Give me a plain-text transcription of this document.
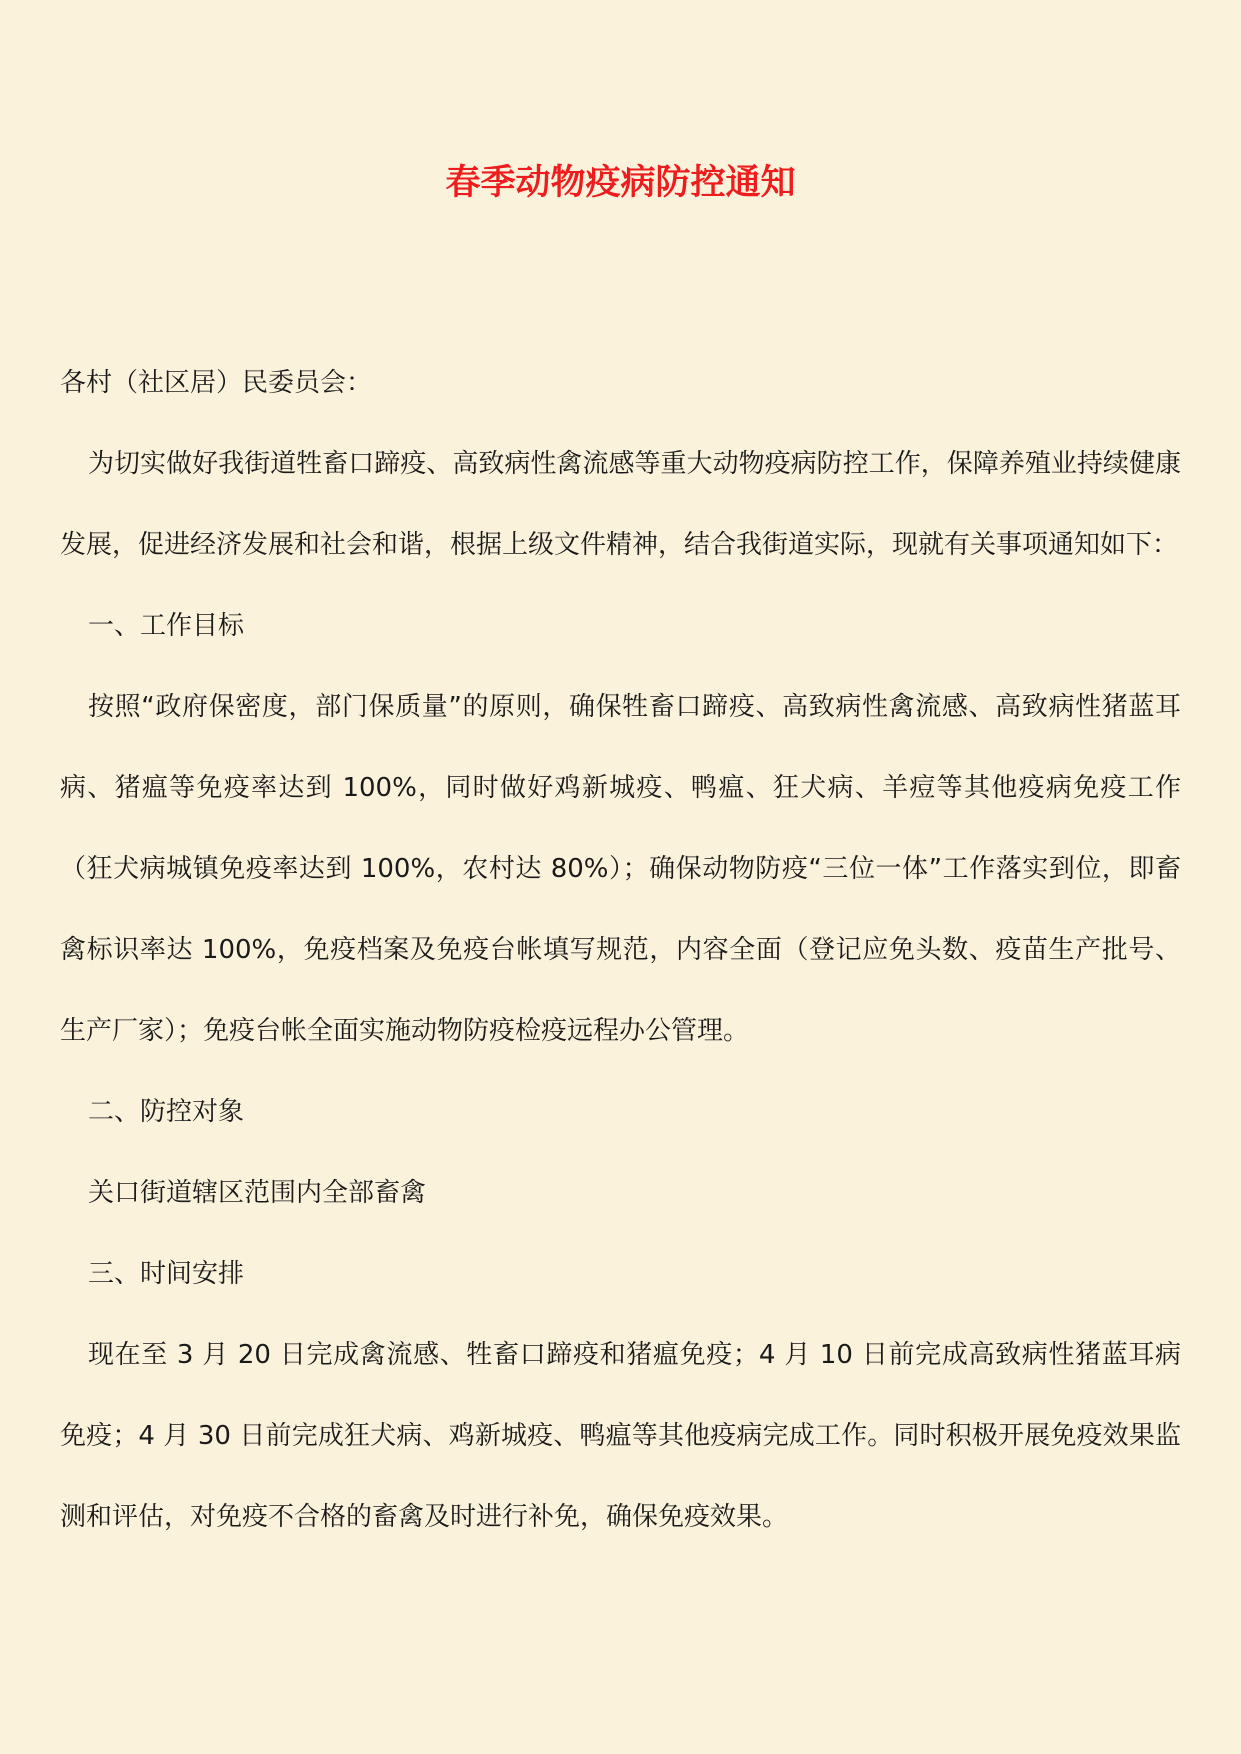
春季动物疫病防控通知

各村（社区居）民委员会：

为切实做好我街道牲畜口蹄疫、高致病性禽流感等重大动物疫病防控工作，保障养殖业持续健康发展，促进经济发展和社会和谐，根据上级文件精神，结合我街道实际，现就有关事项通知如下：

一、工作目标

按照“政府保密度，部门保质量”的原则，确保牲畜口蹄疫、高致病性禽流感、高致病性猪蓝耳病、猪瘟等免疫率达到 100%，同时做好鸡新城疫、鸭瘟、狂犬病、羊痘等其他疫病免疫工作（狂犬病城镇免疫率达到 100%，农村达 80%）；确保动物防疫“三位一体”工作落实到位，即畜禽标识率达 100%，免疫档案及免疫台帐填写规范，内容全面（登记应免头数、疫苗生产批号、生产厂家）；免疫台帐全面实施动物防疫检疫远程办公管理。

二、防控对象

关口街道辖区范围内全部畜禽

三、时间安排

现在至 3 月 20 日完成禽流感、牲畜口蹄疫和猪瘟免疫；4 月 10 日前完成高致病性猪蓝耳病免疫；4 月 30 日前完成狂犬病、鸡新城疫、鸭瘟等其他疫病完成工作。同时积极开展免疫效果监测和评估，对免疫不合格的畜禽及时进行补免，确保免疫效果。
